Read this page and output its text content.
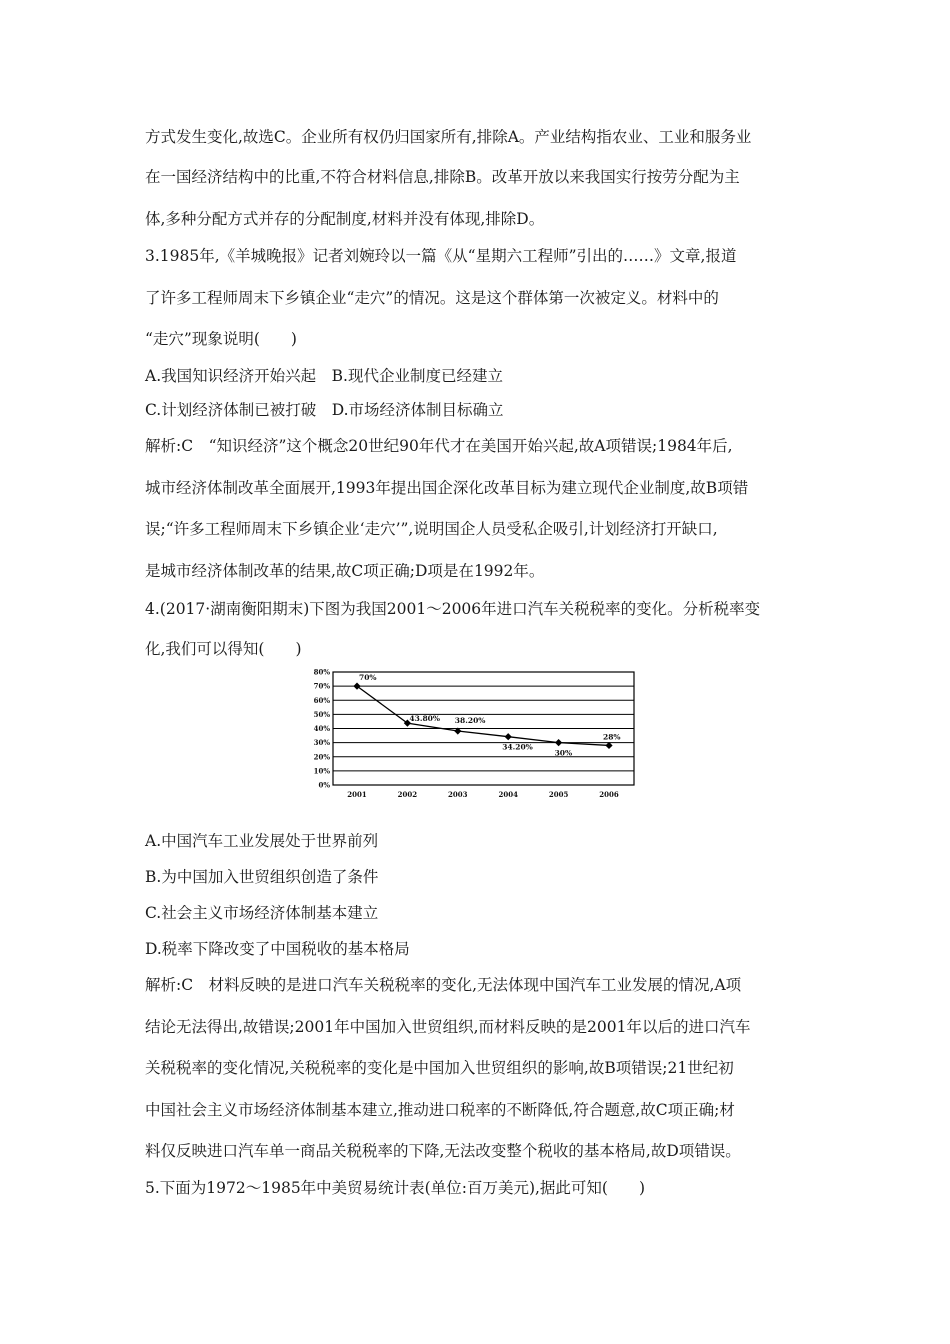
方式发生变化,故选C。企业所有权仍归国家所有,排除A。产业结构指农业、工业和服务业
在一国经济结构中的比重,不符合材料信息,排除B。改革开放以来我国实行按劳分配为主
体,多种分配方式并存的分配制度,材料并没有体现,排除D。
3.1985年,《羊城晚报》记者刘婉玲以一篇《从“星期六工程师”引出的……》文章,报道
了许多工程师周末下乡镇企业“走穴”的情况。这是这个群体第一次被定义。材料中的
“走穴”现象说明(　　)
A.我国知识经济开始兴起　B.现代企业制度已经建立
C.计划经济体制已被打破　D.市场经济体制目标确立
解析:C　“知识经济”这个概念20世纪90年代才在美国开始兴起,故A项错误;1984年后,
城市经济体制改革全面展开,1993年提出国企深化改革目标为建立现代企业制度,故B项错
误;“许多工程师周末下乡镇企业‘走穴’”,说明国企人员受私企吸引,计划经济打开缺口,
是城市经济体制改革的结果,故C项正确;D项是在1992年。
4.(2017·湖南衡阳期末)下图为我国2001～2006年进口汽车关税税率的变化。分析税率变
化,我们可以得知(　　)
A.中国汽车工业发展处于世界前列
B.为中国加入世贸组织创造了条件
C.社会主义市场经济体制基本建立
D.税率下降改变了中国税收的基本格局
解析:C　材料反映的是进口汽车关税税率的变化,无法体现中国汽车工业发展的情况,A项
结论无法得出,故错误;2001年中国加入世贸组织,而材料反映的是2001年以后的进口汽车
关税税率的变化情况,关税税率的变化是中国加入世贸组织的影响,故B项错误;21世纪初
中国社会主义市场经济体制基本建立,推动进口税率的不断降低,符合题意,故C项正确;材
料仅反映进口汽车单一商品关税税率的下降,无法改变整个税收的基本格局,故D项错误。
5.下面为1972～1985年中美贸易统计表(单位:百万美元),据此可知(　　)
0%
10%
20%
30%
40%
50%
60%
70%
80%
2001	2002	2003	2004	2005	2006
70%
43.80% 38.20%
34.20%
30%
28%
